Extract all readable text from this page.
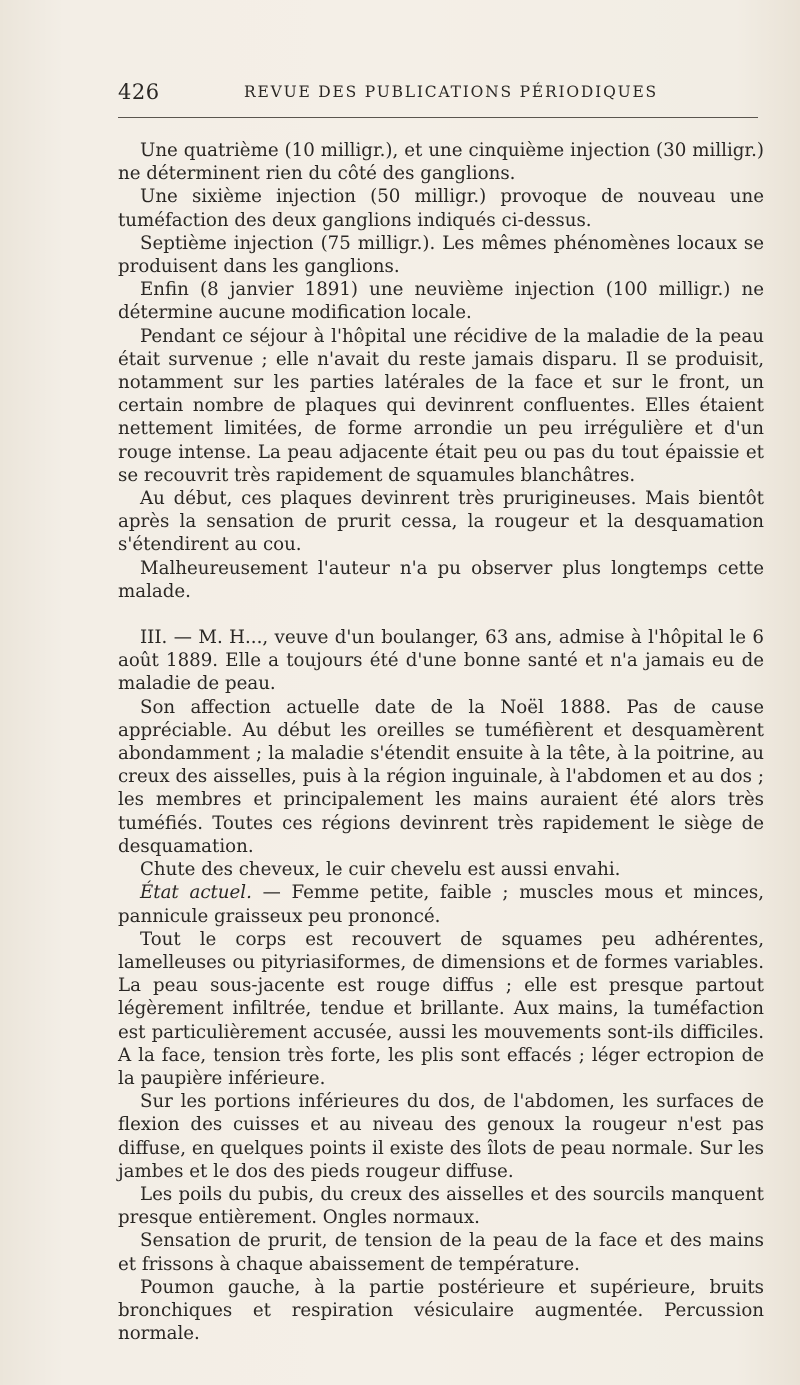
426	REVUE DES PUBLICATIONS PÉRIODIQUES

Une quatrième (10 milligr.), et une cinquième injection (30 milligr.) ne déterminent rien du côté des ganglions.

Une sixième injection (50 milligr.) provoque de nouveau une tuméfaction des deux ganglions indiqués ci-dessus.

Septième injection (75 milligr.). Les mêmes phénomènes locaux se produisent dans les ganglions.

Enfin (8 janvier 1891) une neuvième injection (100 milligr.) ne détermine aucune modification locale.

Pendant ce séjour à l'hôpital une récidive de la maladie de la peau était survenue ; elle n'avait du reste jamais disparu. Il se produisit, notamment sur les parties latérales de la face et sur le front, un certain nombre de plaques qui devinrent confluentes. Elles étaient nettement limitées, de forme arrondie un peu irrégulière et d'un rouge intense. La peau adjacente était peu ou pas du tout épaissie et se recouvrit très rapidement de squamules blanchâtres.

Au début, ces plaques devinrent très prurigineuses. Mais bientôt après la sensation de prurit cessa, la rougeur et la desquamation s'étendirent au cou.

Malheureusement l'auteur n'a pu observer plus longtemps cette malade.

III. — M. H..., veuve d'un boulanger, 63 ans, admise à l'hôpital le 6 août 1889. Elle a toujours été d'une bonne santé et n'a jamais eu de maladie de peau.

Son affection actuelle date de la Noël 1888. Pas de cause appréciable. Au début les oreilles se tuméfièrent et desquamèrent abondamment ; la maladie s'étendit ensuite à la tête, à la poitrine, au creux des aisselles, puis à la région inguinale, à l'abdomen et au dos ; les membres et principalement les mains auraient été alors très tuméfiés. Toutes ces régions devinrent très rapidement le siège de desquamation.

Chute des cheveux, le cuir chevelu est aussi envahi.

État actuel. — Femme petite, faible ; muscles mous et minces, pannicule graisseux peu prononcé.

Tout le corps est recouvert de squames peu adhérentes, lamelleuses ou pityriasiformes, de dimensions et de formes variables. La peau sous-jacente est rouge diffus ; elle est presque partout légèrement infiltrée, tendue et brillante. Aux mains, la tuméfaction est particulièrement accusée, aussi les mouvements sont-ils difficiles. A la face, tension très forte, les plis sont effacés ; léger ectropion de la paupière inférieure.

Sur les portions inférieures du dos, de l'abdomen, les surfaces de flexion des cuisses et au niveau des genoux la rougeur n'est pas diffuse, en quelques points il existe des îlots de peau normale. Sur les jambes et le dos des pieds rougeur diffuse.

Les poils du pubis, du creux des aisselles et des sourcils manquent presque entièrement. Ongles normaux.

Sensation de prurit, de tension de la peau de la face et des mains et frissons à chaque abaissement de température.

Poumon gauche, à la partie postérieure et supérieure, bruits bronchiques et respiration vésiculaire augmentée. Percussion normale.
